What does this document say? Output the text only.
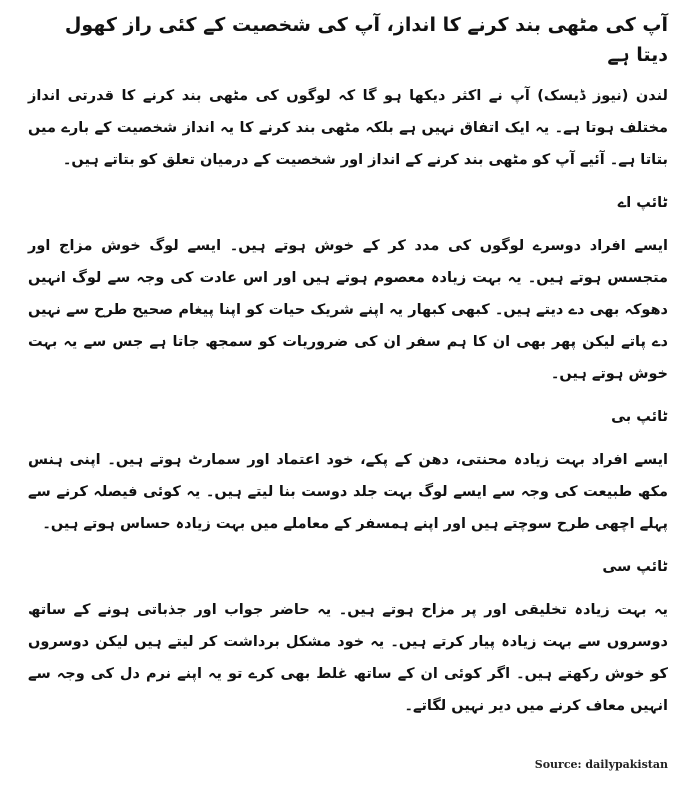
آپ کی مٹھی بند کرنے کا انداز، آپ کی شخصیت کے کئی راز کھول دیتا ہے

لندن (نیوز ڈیسک) آپ نے اکثر دیکھا ہو گا کہ لوگوں کی مٹھی بند کرنے کا قدرتی انداز مختلف ہوتا ہے۔ یہ ایک اتفاق نہیں ہے بلکہ مٹھی بند کرنے کا یہ انداز شخصیت کے بارے میں بتاتا ہے۔ آئیے آپ کو مٹھی بند کرنے کے انداز اور شخصیت کے درمیان تعلق کو بتاتے ہیں۔

ٹائپ اے

ایسے افراد دوسرے لوگوں کی مدد کر کے خوش ہوتے ہیں۔ ایسے لوگ خوش مزاج اور متجسس ہوتے ہیں۔ یہ بہت زیادہ معصوم ہوتے ہیں اور اس عادت کی وجہ سے لوگ انہیں دھوکہ بھی دے دیتے ہیں۔ کبھی کبھار یہ اپنے شریک حیات کو اپنا پیغام صحیح طرح سے نہیں دے پاتے لیکن پھر بھی ان کا ہم سفر ان کی ضروریات کو سمجھ جاتا ہے جس سے یہ بہت خوش ہوتے ہیں۔

ٹائپ بی

ایسے افراد بہت زیادہ محنتی، دھن کے پکے، خود اعتماد اور سمارٹ ہوتے ہیں۔ اپنی ہنس مکھ طبیعت کی وجہ سے ایسے لوگ بہت جلد دوست بنا لیتے ہیں۔ یہ کوئی فیصلہ کرنے سے پہلے اچھی طرح سوچتے ہیں اور اپنے ہمسفر کے معاملے میں بہت زیادہ حساس ہوتے ہیں۔

ٹائپ سی

یہ بہت زیادہ تخلیقی اور پر مزاح ہوتے ہیں۔ یہ حاضر جواب اور جذباتی ہونے کے ساتھ دوسروں سے بہت زیادہ پیار کرتے ہیں۔ یہ خود مشکل برداشت کر لیتے ہیں لیکن دوسروں کو خوش رکھتے ہیں۔ اگر کوئی ان کے ساتھ غلط بھی کرے تو یہ اپنے نرم دل کی وجہ سے انہیں معاف کرنے میں دیر نہیں لگاتے۔

Source: dailypakistan
